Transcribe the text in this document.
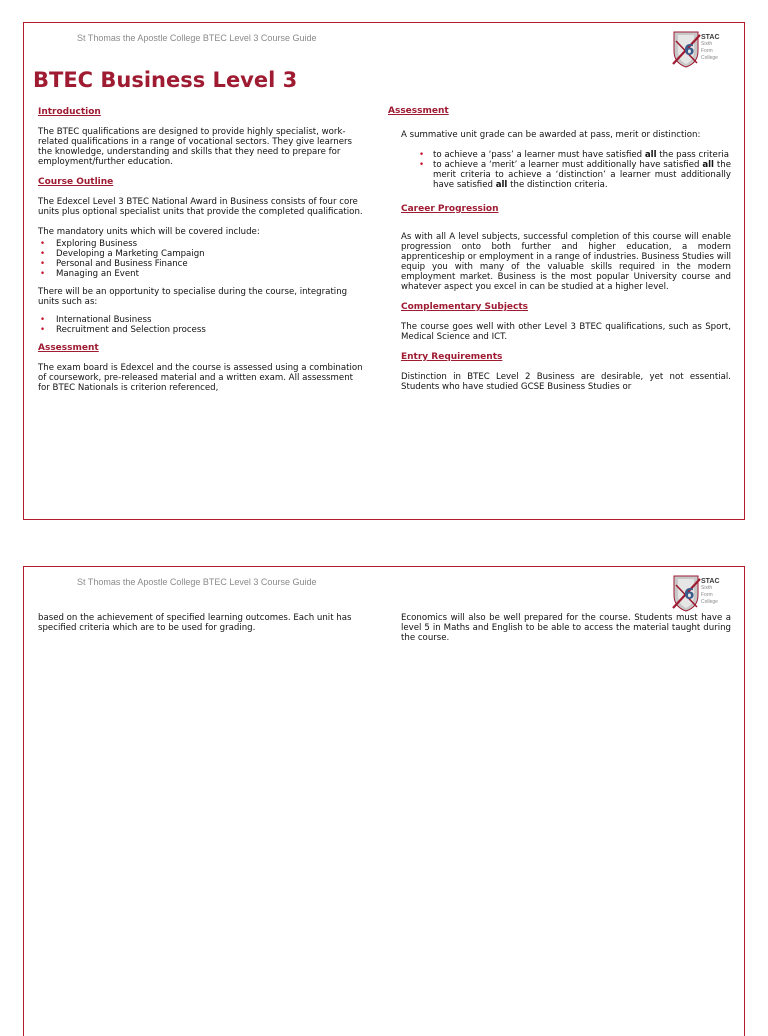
St Thomas the Apostle College BTEC Level 3 Course Guide
6
STAC
Sixth Form
College
BTEC Business Level 3
Introduction

The BTEC qualifications are designed to provide highly specialist, work-related qualifications in a range of vocational sectors. They give learners the knowledge, understanding and skills that they need to prepare for employment/further education.

Course Outline

The Edexcel Level 3 BTEC National Award in Business consists of four core units plus optional specialist units that provide the completed qualification.

The mandatory units which will be covered include:

• Exploring Business
• Developing a Marketing Campaign
• Personal and Business Finance
• Managing an Event

There will be an opportunity to specialise during the course, integrating units such as:

• International Business
• Recruitment and Selection process
Assessment

The exam board is Edexcel and the course is assessed using a combination of coursework, pre-released material and a written exam. All assessment for BTEC Nationals is criterion referenced,

Assessment

A summative unit grade can be awarded at pass, merit or distinction:

• to achieve a ‘pass’ a learner must have satisfied all the pass criteria
• to achieve a ‘merit’ a learner must additionally have satisfied all the merit criteria to achieve a ‘distinction’ a learner must additionally have satisfied all the distinction criteria.
Career Progression

As with all A level subjects, successful completion of this course will enable progression onto both further and higher education, a modern apprenticeship or employment in a range of industries. Business Studies will equip you with many of the valuable skills required in the modern employment market. Business is the most popular University course and whatever aspect you excel in can be studied at a higher level.

Complementary Subjects

The course goes well with other Level 3 BTEC qualifications, such as Sport, Medical Science and ICT.

Entry Requirements

Distinction in BTEC Level 2 Business are desirable, yet not essential. Students who have studied GCSE Business Studies or

St Thomas the Apostle College BTEC Level 3 Course Guide
6
STAC
Sixth Form
College

based on the achievement of specified learning outcomes. Each unit has specified criteria which are to be used for grading.

Economics will also be well prepared for the course. Students must have a level 5 in Maths and English to be able to access the material taught during the course.
